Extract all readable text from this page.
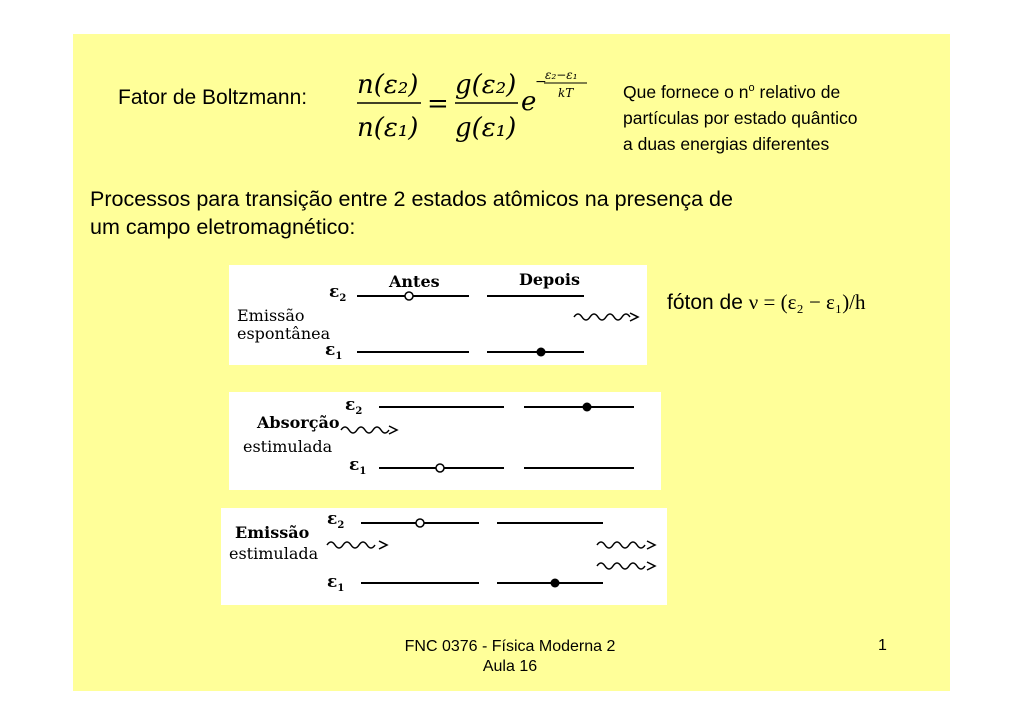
Fator de Boltzmann: n(ε₂)
n(ε₁)
=
g(ε₂)
g(ε₁)
e
−
ε₂−ε₁
kT	Que fornece o $n^o$ relativo de
partículas por estado quântico
a duas energias diferentes
Processos para transição entre 2 estados atômicos na presença de
um campo eletromagnético:
Antes	Depois
$\varepsilon_2$
Emissão
espontânea
$\varepsilon_1$
fóton de ν = (ε₂ − ε₁)/h
$\varepsilon_2$
Absorção
estimulada
$\varepsilon_1$
$\varepsilon_2$
Emissão
estimulada
$\varepsilon_1$
FNC 0376 - Física Moderna 2
Aula 16
1
